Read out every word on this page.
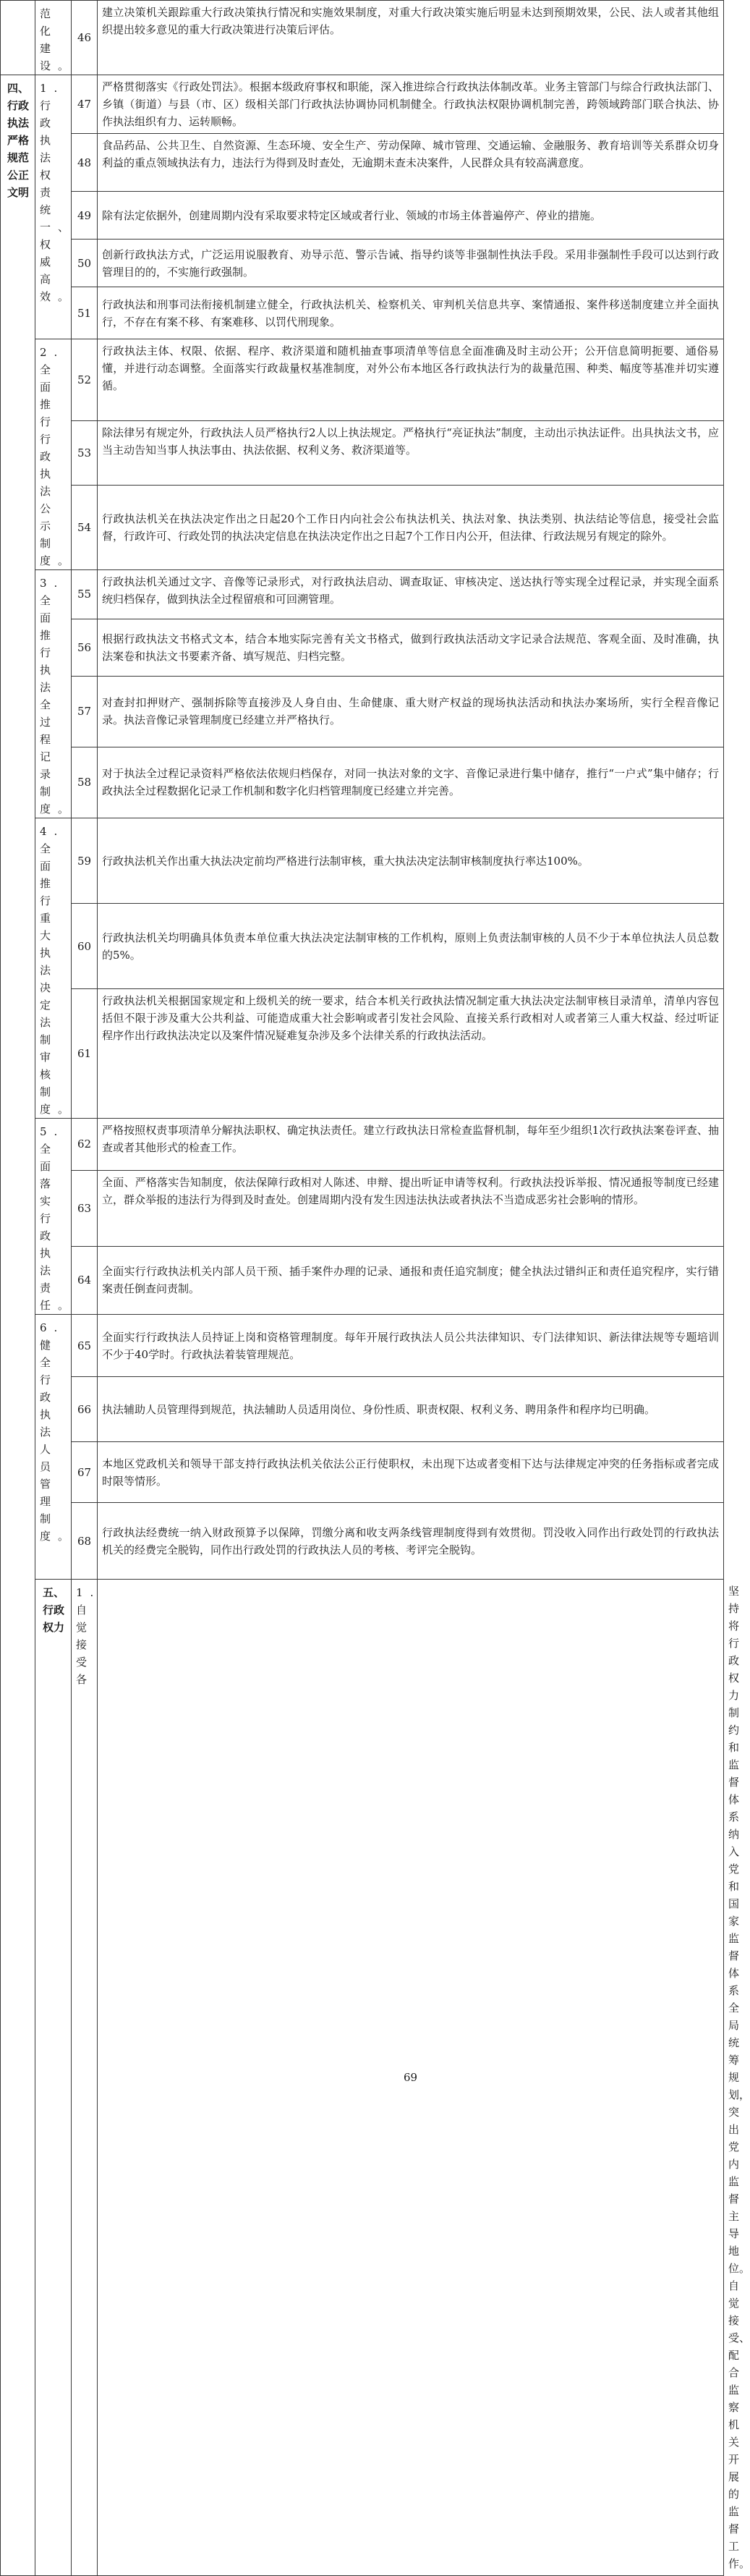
	范化建设。	46	建立决策机关跟踪重大行政决策执行情况和实施效果制度，对重大行政决策实施后明显未达到预期效果，公民、法人或者其他组织提出较多意见的重大行政决策进行决策后评估。	
四、行政执法严格规范公正文明	1.行政执法权责统一、权威高效。	47	严格贯彻落实《行政处罚法》。根据本级政府事权和职能，深入推进综合行政执法体制改革。业务主管部门与综合行政执法部门、乡镇（街道）与县（市、区）级相关部门行政执法协调协同机制健全。行政执法权限协调机制完善，跨领域跨部门联合执法、协作执法组织有力、运转顺畅。	
		48	食品药品、公共卫生、自然资源、生态环境、安全生产、劳动保障、城市管理、交通运输、金融服务、教育培训等关系群众切身利益的重点领域执法有力，违法行为得到及时查处，无逾期未查未决案件，人民群众具有较高满意度。	
		49	除有法定依据外，创建周期内没有采取要求特定区域或者行业、领域的市场主体普遍停产、停业的措施。	
		50	创新行政执法方式，广泛运用说服教育、劝导示范、警示告诫、指导约谈等非强制性执法手段。采用非强制性手段可以达到行政管理目的的，不实施行政强制。	
		51	行政执法和刑事司法衔接机制建立健全，行政执法机关、检察机关、审判机关信息共享、案情通报、案件移送制度建立并全面执行，不存在有案不移、有案难移、以罚代刑现象。	
	2.全面推行行政执法公示制度。	52	行政执法主体、权限、依据、程序、救济渠道和随机抽查事项清单等信息全面准确及时主动公开；公开信息简明扼要、通俗易懂，并进行动态调整。全面落实行政裁量权基准制度，对外公布本地区各行政执法行为的裁量范围、种类、幅度等基准并切实遵循。	
		53	除法律另有规定外，行政执法人员严格执行2人以上执法规定。严格执行“亮证执法”制度，主动出示执法证件。出具执法文书，应当主动告知当事人执法事由、执法依据、权利义务、救济渠道等。	
		54	行政执法机关在执法决定作出之日起20个工作日内向社会公布执法机关、执法对象、执法类别、执法结论等信息，接受社会监督，行政许可、行政处罚的执法决定信息在执法决定作出之日起7个工作日内公开，但法律、行政法规另有规定的除外。	
	3.全面推行执法全过程记录制度。	55	行政执法机关通过文字、音像等记录形式，对行政执法启动、调查取证、审核决定、送达执行等实现全过程记录，并实现全面系统归档保存，做到执法全过程留痕和可回溯管理。	
		56	根据行政执法文书格式文本，结合本地实际完善有关文书格式，做到行政执法活动文字记录合法规范、客观全面、及时准确，执法案卷和执法文书要素齐备、填写规范、归档完整。	
		57	对查封扣押财产、强制拆除等直接涉及人身自由、生命健康、重大财产权益的现场执法活动和执法办案场所，实行全程音像记录。执法音像记录管理制度已经建立并严格执行。	
		58	对于执法全过程记录资料严格依法依规归档保存，对同一执法对象的文字、音像记录进行集中储存，推行“一户式”集中储存；行政执法全过程数据化记录工作机制和数字化归档管理制度已经建立并完善。	
	4.全面推行重大执法决定法制审核制度。	59	行政执法机关作出重大执法决定前均严格进行法制审核，重大执法决定法制审核制度执行率达100%。	
		60	行政执法机关均明确具体负责本单位重大执法决定法制审核的工作机构，原则上负责法制审核的人员不少于本单位执法人员总数的5%。	
		61	行政执法机关根据国家规定和上级机关的统一要求，结合本机关行政执法情况制定重大执法决定法制审核目录清单，清单内容包括但不限于涉及重大公共利益、可能造成重大社会影响或者引发社会风险、直接关系行政相对人或者第三人重大权益、经过听证程序作出行政执法决定以及案件情况疑难复杂涉及多个法律关系的行政执法活动。	
	5.全面落实行政执法责任。	62	严格按照权责事项清单分解执法职权、确定执法责任。建立行政执法日常检查监督机制，每年至少组织1次行政执法案卷评查、抽查或者其他形式的检查工作。	
		63	全面、严格落实告知制度，依法保障行政相对人陈述、申辩、提出听证申请等权利。行政执法投诉举报、情况通报等制度已经建立，群众举报的违法行为得到及时查处。创建周期内没有发生因违法执法或者执法不当造成恶劣社会影响的情形。	
		64	全面实行行政执法机关内部人员干预、插手案件办理的记录、通报和责任追究制度；健全执法过错纠正和责任追究程序，实行错案责任倒查问责制。	
	6.健全行政执法人员管理制度。	65	全面实行行政执法人员持证上岗和资格管理制度。每年开展行政执法人员公共法律知识、专门法律知识、新法律法规等专题培训不少于40学时。行政执法着装管理规范。	
		66	执法辅助人员管理得到规范，执法辅助人员适用岗位、身份性质、职责权限、权利义务、聘用条件和程序均已明确。	
		67	本地区党政机关和领导干部支持行政执法机关依法公正行使职权，未出现下达或者变相下达与法律规定冲突的任务指标或者完成时限等情形。	
		68	行政执法经费统一纳入财政预算予以保障，罚缴分离和收支两条线管理制度得到有效贯彻。罚没收入同作出行政处罚的行政执法机关的经费完全脱钩，同作出行政处罚的行政执法人员的考核、考评完全脱钩。	
	五、行政权力	1.自觉接受各	69	坚持将行政权力制约和监督体系纳入党和国家监督体系全局统筹规划，突出党内监督主导地位。自觉接受、配合监察机关开展的监督工作。
